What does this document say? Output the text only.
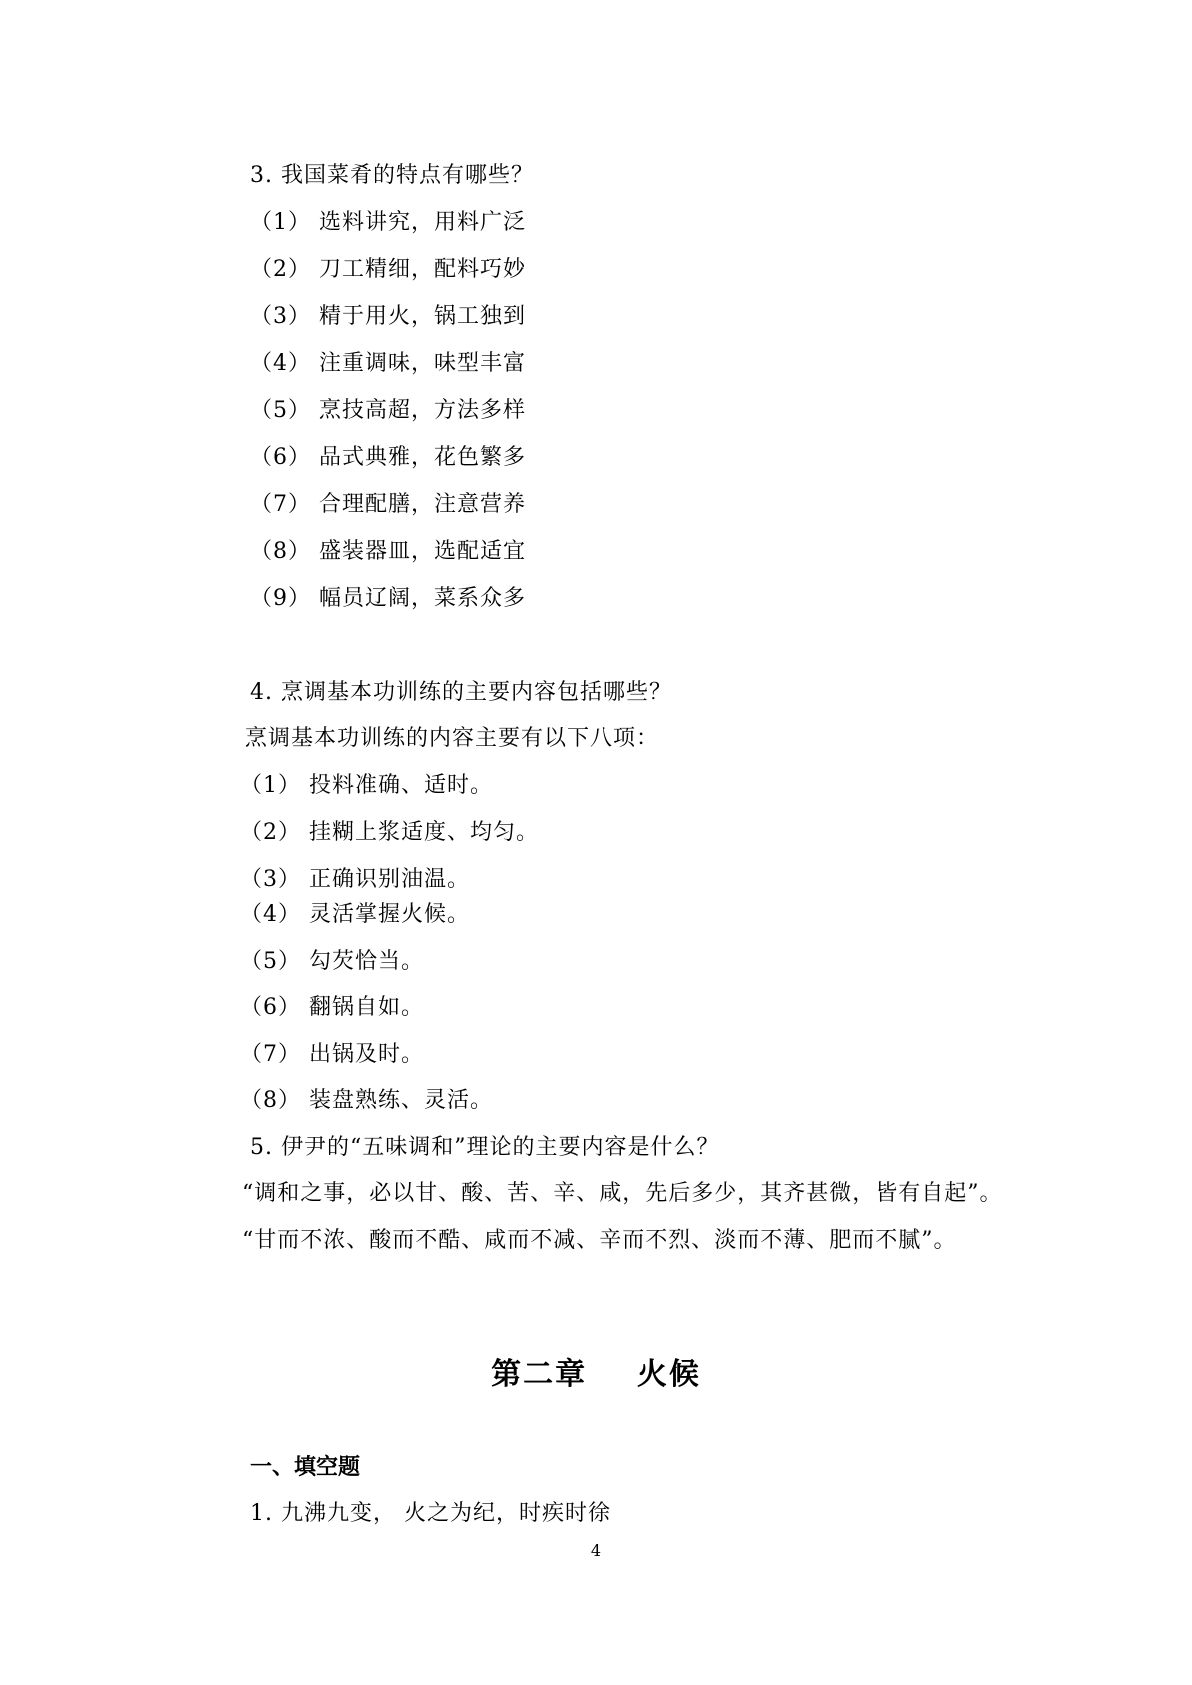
3. 我国菜肴的特点有哪些？
（1） 选料讲究，用料广泛
（2） 刀工精细，配料巧妙
（3） 精于用火，锅工独到
（4） 注重调味，味型丰富
（5） 烹技高超，方法多样
（6） 品式典雅，花色繁多
（7） 合理配膳，注意营养
（8） 盛装器皿，选配适宜
（9） 幅员辽阔，菜系众多
4. 烹调基本功训练的主要内容包括哪些？
烹调基本功训练的内容主要有以下八项：
（1） 投料准确、适时。
（2） 挂糊上浆适度、均匀。
（3） 正确识别油温。
（4） 灵活掌握火候。
（5） 勾芡恰当。
（6） 翻锅自如。
（7） 出锅及时。
（8） 装盘熟练、灵活。
5. 伊尹的“五味调和”理论的主要内容是什么？
“调和之事，必以甘、酸、苦、辛、咸，先后多少，其齐甚微，皆有自起”。
“甘而不浓、酸而不酷、咸而不减、辛而不烈、淡而不薄、肥而不腻”。
第二章    火候
一、填空题
1. 九沸九变， 火之为纪，时疾时徐
4
